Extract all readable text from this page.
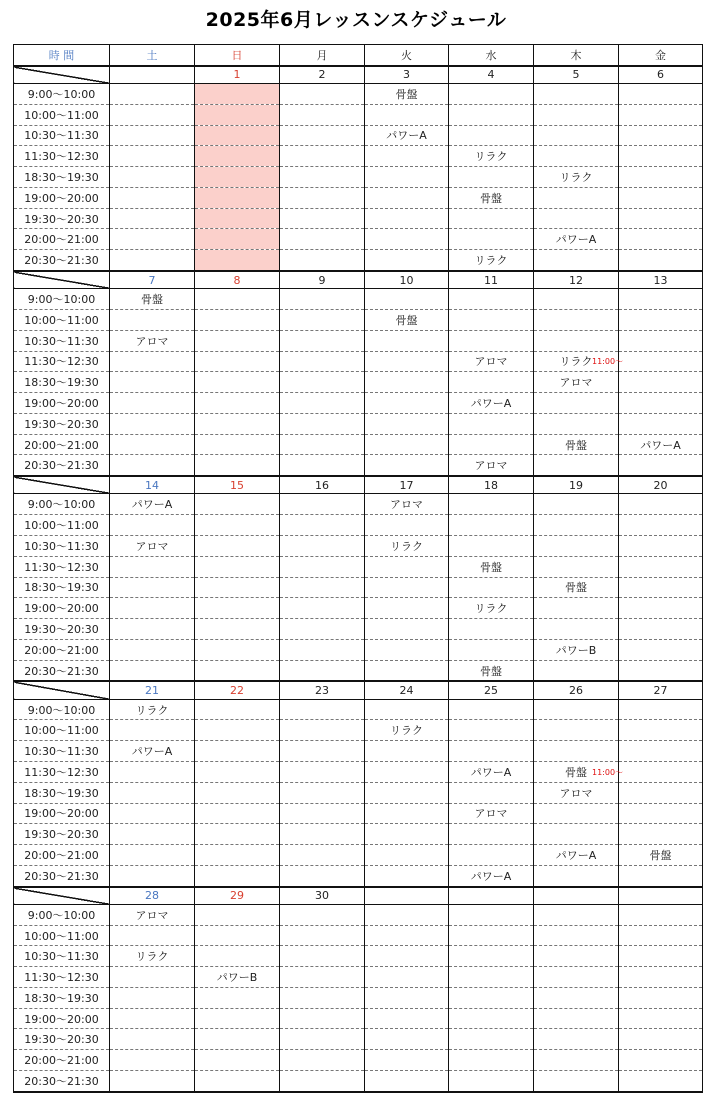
2025年6月レッスンスケジュール
時 間	土	日	月	火	水	木	金
		1	2	3	4	5	6
9:00～10:00				骨盤			
10:00～11:00							
10:30～11:30				パワーA			
11:30～12:30					リラク		
18:30～19:30						リラク	
19:00～20:00					骨盤		
19:30～20:30							
20:00～21:00						パワーA	
20:30～21:30					リラク		
	7	8	9	10	11	12	13
9:00～10:00	骨盤						
10:00～11:00				骨盤			
10:30～11:30	アロマ						
11:30～12:30					アロマ	リラク 11:00～	

18:30～19:30						アロマ	
19:00～20:00					パワーA		
19:30～20:30							
20:00～21:00						骨盤	パワーA
20:30～21:30					アロマ		
	14	15	16	17	18	19	20
9:00～10:00	パワーA			アロマ			
10:00～11:00							
10:30～11:30	アロマ			リラク			
11:30～12:30					骨盤		
18:30～19:30						骨盤	
19:00～20:00					リラク		
19:30～20:30							
20:00～21:00						パワーB	
20:30～21:30					骨盤		
	21	22	23	24	25	26	27
9:00～10:00	リラク						
10:00～11:00				リラク			
10:30～11:30	パワーA						
11:30～12:30					パワーA	骨盤 11:00～	

18:30～19:30						アロマ	
19:00～20:00					アロマ		
19:30～20:30							
20:00～21:00						パワーA	骨盤
20:30～21:30					パワーA		
	28	29	30				
9:00～10:00	アロマ						
10:00～11:00							
10:30～11:30	リラク						
11:30～12:30		パワーB					
18:30～19:30							
19:00～20:00							
19:30～20:30							
20:00～21:00							
20:30～21:30							
